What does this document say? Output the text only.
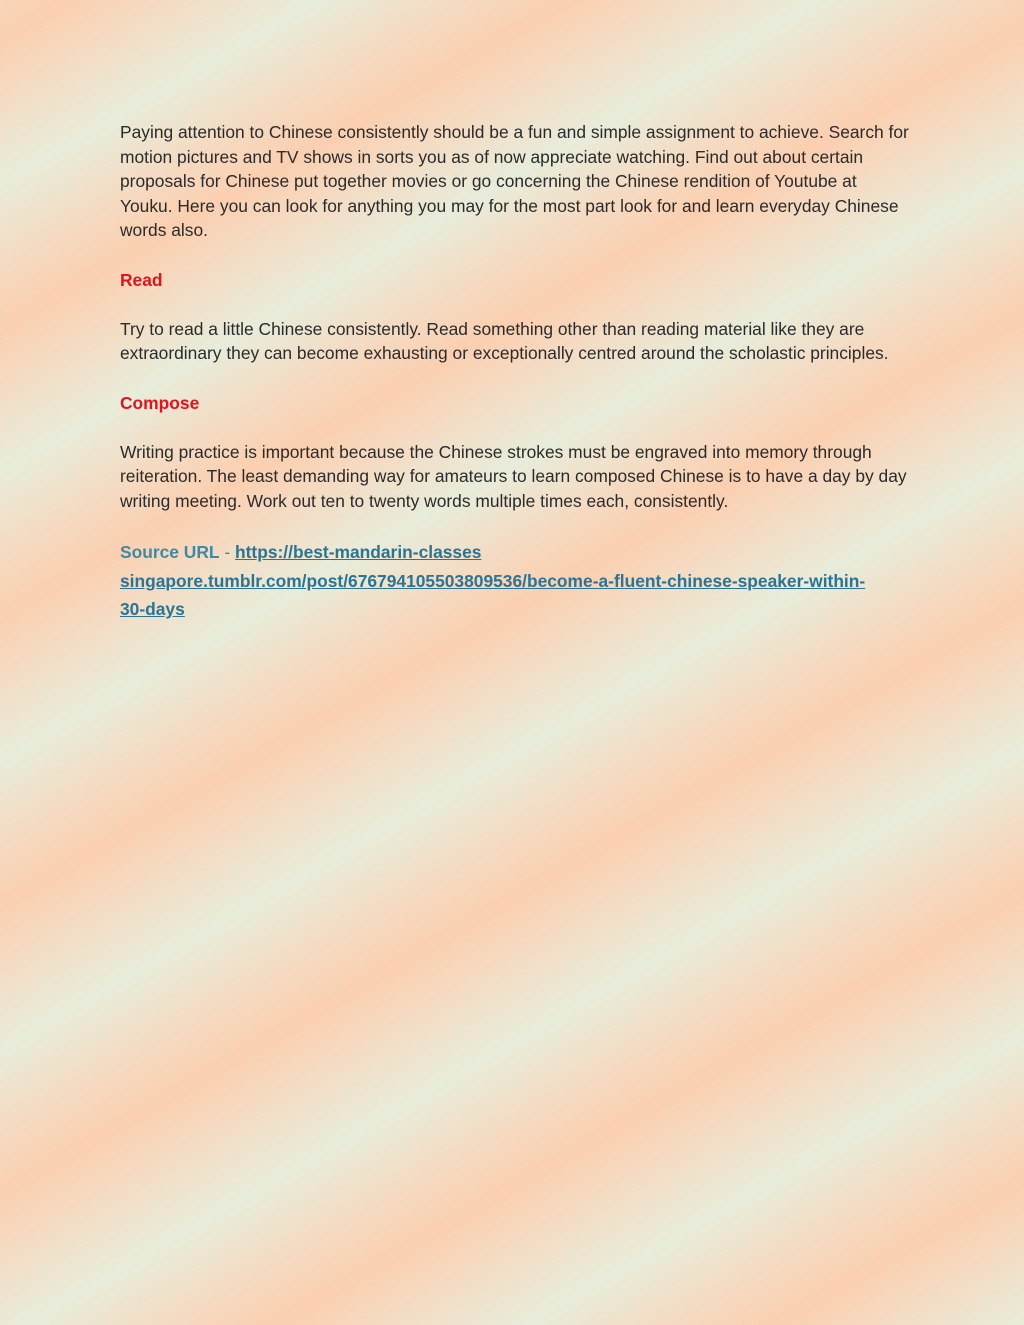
Paying attention to Chinese consistently should be a fun and simple assignment to achieve. Search for motion pictures and TV shows in sorts you as of now appreciate watching. Find out about certain proposals for Chinese put together movies or go concerning the Chinese rendition of Youtube at Youku. Here you can look for anything you may for the most part look for and learn everyday Chinese words also.

Read

Try to read a little Chinese consistently. Read something other than reading material like they are extraordinary they can become exhausting or exceptionally centred around the scholastic principles.

Compose

Writing practice is important because the Chinese strokes must be engraved into memory through reiteration. The least demanding way for amateurs to learn composed Chinese is to have a day by day writing meeting. Work out ten to twenty words multiple times each, consistently.

Source URL - https://best-mandarin-classes
singapore.tumblr.com/post/676794105503809536/become-a-fluent-chinese-speaker-within-
30-days
